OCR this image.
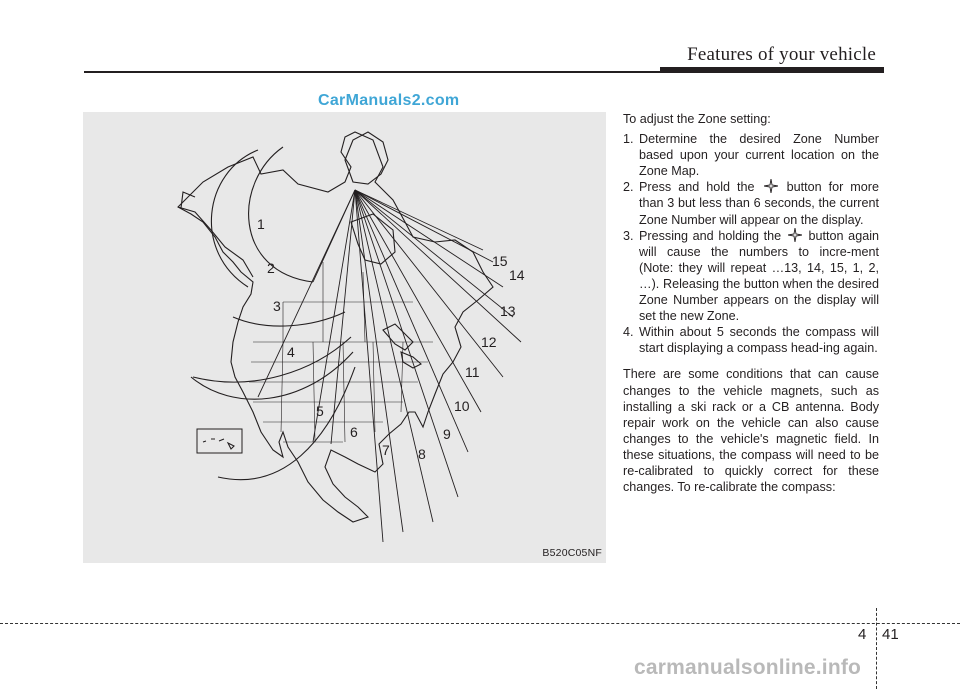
Features of your vehicle
CarManuals2.com
1
2
3
4
5
6
7 8
9
10
11
12
13
14
15
B520C05NF

To adjust the Zone setting:

1. Determine the desired Zone Number based upon your current location on the Zone Map.
2. Press and hold the	button for more than 3 but less than 6 seconds, the current Zone Number will appear on the display.
3. Pressing and holding the button again will cause the numbers to incre-ment (Note: they will repeat …13, 14, 15, 1, 2, …). Releasing the button when the desired Zone Number appears on the display will set the new Zone.
4. Within about 5 seconds the compass will start displaying a compass head-ing again.

There are some conditions that can cause changes to the vehicle magnets, such as installing a ski rack or a CB antenna. Body repair work on the vehicle can also cause changes to the vehicle's magnetic field. In these situations, the compass will need to be re-calibrated to quickly correct for these changes. To re-calibrate the compass:

4 41
carmanualsonline.info
